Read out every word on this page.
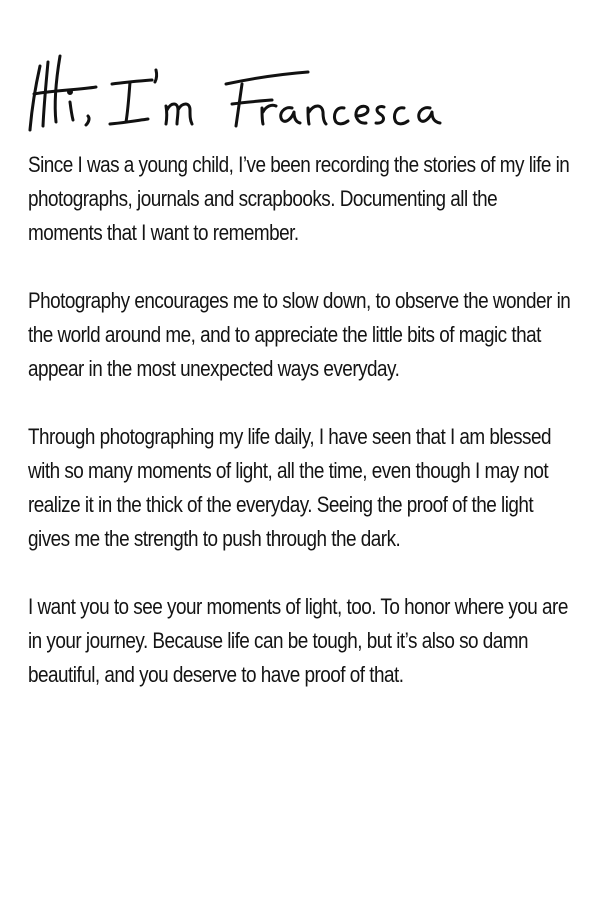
Since I was a young child, I’ve been recording the stories of my life in photographs, journals and scrapbooks. Documenting all the moments that I want to remember.

Photography encourages me to slow down, to observe the wonder in the world around me, and to appreciate the little bits of magic that appear in the most unexpected ways everyday.

Through photographing my life daily, I have seen that I am blessed with so many moments of light, all the time, even though I may not realize it in the thick of the everyday. Seeing the proof of the light gives me the strength to push through the dark.

I want you to see your moments of light, too. To honor where you are in your journey. Because life can be tough, but it’s also so damn beautiful, and you deserve to have proof of that.
